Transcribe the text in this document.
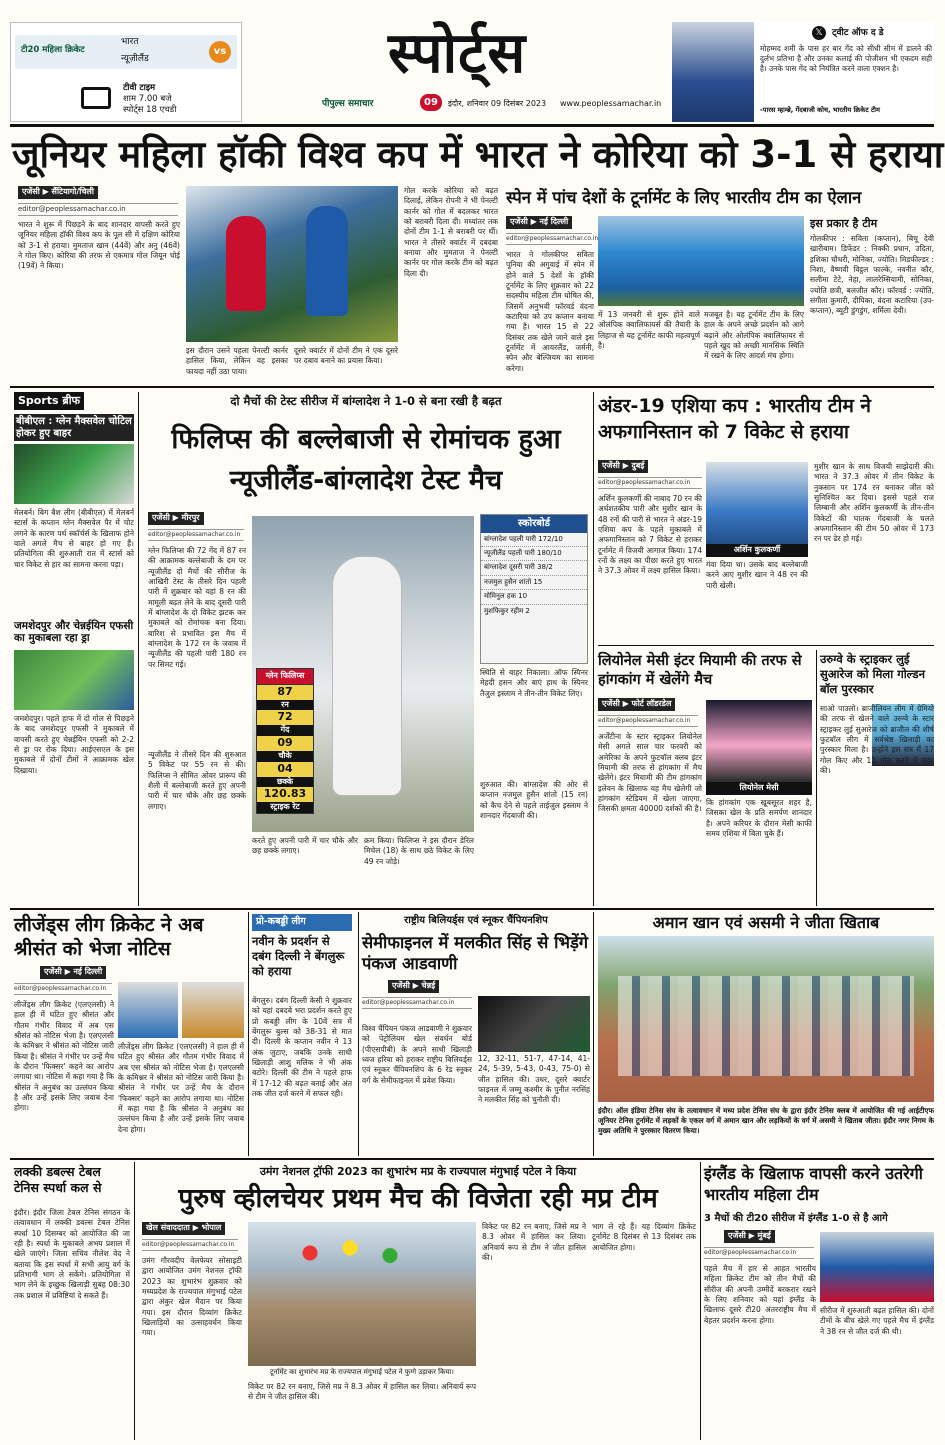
टी20 महिला क्रिकेट
भारत
न्यूज़ीलैंड
vs
टीवी टाइम
शाम 7.00 बजे
स्पोर्ट्स 18 एचडी
स्पोर्ट्स
पीपुल्स समाचार	09	इंदौर, शनिवार 09 दिसंबर 2023 www.peoplessamachar.in
𝕏	ट्वीट ऑफ द डे
मोहम्मद शमी के पास हर बार गेंद को सीधी सीम में डालने की दुर्लभ प्रतिभा है और उनका कलाई की पोजीशन भी एकदम सही है। उनके पास गेंद को नियंत्रित करने वाला एक्शन है।
-पारस म्हाम्ब्रे, गेंदबाजी कोच, भारतीय क्रिकेट टीम
जूनियर महिला हॉकी विश्व कप में भारत ने कोरिया को 3-1 से हराया
एजेंसी ▶ सैंटियागो/चिली
editor@peoplessamachar.co.in
भारत ने शुरू में पिछड़ने के बाद शानदार वापसी करते हुए जूनियर महिला हॉकी विश्व कप के पूल सी में दक्षिण कोरिया को 3-1 से हराया। मुमताज खान (44वें) और अनु (46वें) ने गोल किए। कोरिया की तरफ से एकमात्र गोल जियून चोई (19वें) ने किया।
इस दौरान उसने पहला पेनल्टी कार्नर हासिल किया, लेकिन वह इसका फायदा नहीं उठा पाया।
दूसरे क्वार्टर में दोनों टीम ने एक दूसरे पर दबाव बनाने का प्रयास किया।
गोल करके कोरिया को बढ़त दिलाई, लेकिन रोपनी ने भी पेनल्टी कार्नर को गोल में बदलकर भारत को बराबरी दिला दी। मध्यांतर तक दोनों टीम 1-1 से बराबरी पर थीं। भारत ने तीसरे क्वार्टर में दबदबा बनाया और मुमताज ने पेनल्टी कार्नर पर गोल करके टीम को बढ़त दिला दी।
स्पेन में पांच देशों के टूर्नामेंट के लिए भारतीय टीम का ऐलान
एजेंसी ▶ नई दिल्ली
editor@peoplessamachar.co.in
भारत ने गोलकीपर सविता पूनिया की अगुवाई में स्पेन में होने वाले 5 देशों के हॉकी टूर्नामेंट के लिए शुक्रवार को 22 सदस्यीय महिला टीम घोषित की, जिसमें अनुभवी फॉरवर्ड वंदना कटारिया को उप कप्तान बनाया गया है। भारत 15 से 22 दिसंबर तक खेले जाने वाले इस टूर्नामेंट में आयरलैंड, जर्मनी, स्पेन और बेल्जियम का सामना करेगा।
में 13 जनवरी से शुरू होने वाले ओलंपिक क्वालिफायर्स की तैयारी के लिहाज से यह टूर्नामेंट काफी महत्वपूर्ण है।
मजबूत है। यह टूर्नामेंट टीम के लिए हाल के अपने अच्छे प्रदर्शन को आगे बढ़ाने और ओलंपिक क्वालिफायर से पहले खुद को अच्छी मानसिक स्थिति में रखने के लिए आदर्श मंच होगा।
इस प्रकार है टीम
गोलकीपर : सविता (कप्तान), बिचू देवी खारीबाम। डिफेंडर : निक्की प्रधान, उदिता, इशिका चौधरी, मोनिका, ज्योति। मिडफील्डर : निशा, वैष्णवी विट्ठल फाल्के, नवनीत कौर, सलीमा टेटे, नेहा, लालरेम्सियामी, सोनिका, ज्योति छत्री, बलजीत कौर। फॉरवर्ड : ज्योति, संगीता कुमारी, दीपिका, वंदना कटारिया (उप-कप्तान), ब्यूटी डुंगडुंग, शर्मिला देवी।
Sports ब्रीफ
बीबीएल : ग्लेन मैक्सवेल चोटिल होकर हुए बाहर
मेलबर्न। बिग बैश लीग (बीबीएल) में मेलबर्न स्टार्स के कप्तान ग्लेन मैक्सवेल पैर में चोट लगने के कारण पर्थ स्कॉर्चर्स के खिलाफ होने वाले अगले मैच से बाहर हो गए हैं। प्रतियोगिता की शुरुआती रात में स्टार्स को चार विकेट से हार का सामना करना पड़ा।
जमशेदपुर और चेन्नईयिन एफसी का मुकाबला रहा ड्रा
जमशेदपुर। पहले हाफ में दो गोल से पिछड़ने के बाद जमशेदपुर एफसी ने मुकाबले में वापसी करते हुए चेन्नईयिन एफसी को 2-2 से ड्रा पर रोक दिया। आईएसएल के इस मुकाबले में दोनों टीमों ने आक्रामक खेल दिखाया।
दो मैचों की टेस्ट सीरीज में बांग्लादेश ने 1-0 से बना रखी है बढ़त
फिलिप्स की बल्लेबाजी से रोमांचक हुआ न्यूजीलैंड-बांग्लादेश टेस्ट मैच
एजेंसी ▶ मीरपुर
editor@peoplessamachar.co.in
ग्लेन फिलिप्स की 72 गेंद में 87 रन की आक्रामक बल्लेबाजी के दम पर न्यूजीलैंड दो मैचों की सीरीज के आखिरी टेस्ट के तीसरे दिन पहली पारी में शुक्रवार को यहां 8 रन की मामूली बढ़त लेने के बाद दूसरी पारी में बांग्लादेश के दो विकेट झटक कर मुकाबले को रोमांचक बना दिया। बारिश से प्रभावित इस मैच में बांग्लादेश के 172 रन के जवाब में न्यूजीलैंड की पहली पारी 180 रन पर सिमट गई।
न्यूजीलैंड ने तीसरे दिन की शुरुआत 5 विकेट पर 55 रन से की। फिलिप्स ने सीमित ओवर प्रारूप की शैली में बल्लेबाजी करते हुए अपनी पारी में चार चौके और छह छक्के लगाए।
ग्लेन फिलिप्स
87
रन
72
गेंद
09
चौके
04
छक्के
120.83
स्ट्राइक रेट
करते हुए अपनी पारी में चार चौके और छह छक्के लगाए।
क्रम किया। फिलिप्स ने इस दौरान डेरिल मिचेल (18) के साथ छठे विकेट के लिए 49 रन जोड़े।
स्कोरबोर्ड
बांग्लादेश पहली पारी 172/10
न्यूजीलैंड पहली पारी 180/10
बांग्लादेश दूसरी पारी 38/2
नजमुल हुसैन शांतो 15
मोमिनुल हक 10
मुशफिकुर रहीम 2
स्थिति से बाहर निकाला। ऑफ स्पिनर मेहदी हसन और बाएं हाथ के स्पिनर तैजुल इस्लाम ने तीन-तीन विकेट लिए।
शुरुआत की। बांग्लादेश की ओर से कप्तान नजमुल हुसैन शांतो (15 रन) को कैच देने से पहले ताईजुल इस्लाम ने शानदार गेंदबाजी की।
अंडर-19 एशिया कप : भारतीय टीम ने अफगानिस्तान को 7 विकेट से हराया
एजेंसी ▶ दुबई
editor@peoplessamachar.co.in
अर्शिन कुलकर्णी की नाबाद 70 रन की अर्धशतकीय पारी और मुशीर खान के 48 रनों की पारी से भारत ने अंडर-19 एशिया कप के पहले मुकाबले में अफगानिस्तान को 7 विकेट से हराकर टूर्नामेंट में विजयी आगाज किया। 174 रनों के लक्ष्य का पीछा करते हुए भारत ने 37.3 ओवर में लक्ष्य हासिल किया।
अर्शिन कुलकर्णी
गंवा दिया था। उसके बाद बल्लेबाजी करने आए मुशीर खान ने 48 रन की पारी खेली।
मुशीर खान के साथ विजयी साझेदारी की। भारत ने 37.3 ओवर में तीन विकेट के नुकसान पर 174 रन बनाकर जीत को सुनिश्चित कर दिया। इससे पहले राज लिम्बानी और अर्शिन कुलकर्णी के तीन-तीन विकेटों की घातक गेंदबाजी के चलते अफगानिस्तान की टीम 50 ओवर में 173 रन पर ढेर हो गई।
लियोनेल मेसी इंटर मियामी की तरफ से हांगकांग में खेलेंगे मैच
एजेंसी ▶ फोर्ट लॉडरडेल
editor@peoplessamachar.co.in
अर्जेंटीना के स्टार स्ट्राइकर लियोनेल मेसी अगले साल चार फरवरी को अमेरिका के अपने फुटबॉल क्लब इंटर मियामी की तरफ से हांगकांग में मैच खेलेंगे। इंटर मियामी की टीम हांगकांग इलेवन के खिलाफ यह मैच खेलेगी जो हांगकांग स्टेडियम में खेला जाएगा, जिसकी क्षमता 40000 दर्शकों की है।
लियोनेल मेसी
कि हांगकांग एक खूबसूरत शहर है, जिसका खेल के प्रति समर्पण शानदार है। अपने करियर के दौरान मेसी काफी समय एशिया में बिता चुके हैं।
उरुग्वे के स्ट्राइकर लुई सुआरेज को मिला गोल्डन बॉल पुरस्कार
साओ पाउलो। ब्राजीलियन लीग में ग्रेमियो की तरफ से खेलने वाले उरुग्वे के स्टार स्ट्राइकर लुई सुआरेज को ब्राजील की शीर्ष फुटबॉल लीग में सर्वश्रेष्ठ खिलाड़ी का पुरस्कार मिला है। उन्होंने इस सत्र में 17 गोल किए और 11 गोल करने में मदद की।
लीजेंड्स लीग क्रिकेट ने अब श्रीसंत को भेजा नोटिस
एजेंसी ▶ नई दिल्ली
editor@peoplessamachar.co.in
लीजेंड्स लीग क्रिकेट (एलएलसी) ने हाल ही में घटित हुए श्रीसंत और गौतम गंभीर विवाद में अब एस श्रीसंत को नोटिस भेजा है। एलएलसी के कमिश्नर ने श्रीसंत को नोटिस जारी किया है। श्रीसंत ने गंभीर पर उन्हें मैच के दौरान 'फिक्सर' कहने का आरोप लगाया था। नोटिस में कहा गया है कि श्रीसंत ने अनुबंध का उल्लंघन किया है और उन्हें इसके लिए जवाब देना होगा।
लीजेंड्स लीग क्रिकेट (एलएलसी) ने हाल ही में घटित हुए श्रीसंत और गौतम गंभीर विवाद में अब एस श्रीसंत को नोटिस भेजा है। एलएलसी के कमिश्नर ने श्रीसंत को नोटिस जारी किया है। श्रीसंत ने गंभीर पर उन्हें मैच के दौरान 'फिक्सर' कहने का आरोप लगाया था। नोटिस में कहा गया है कि श्रीसंत ने अनुबंध का उल्लंघन किया है और उन्हें इसके लिए जवाब देना होगा।
प्रो-कबड्डी लीग
नवीन के प्रदर्शन से दबंग दिल्ली ने बेंगलुरू को हराया
बेंगलुरु। दबंग दिल्ली केसी ने शुक्रवार को यहां दबदबे भरा प्रदर्शन करते हुए प्रो कबड्डी लीग के 10वें सत्र में बेंगलुरू बुल्स को 38-31 से मात दी। दिल्ली के कप्तान नवीन ने 13 अंक जुटाए, जबकि उनके साथी खिलाड़ी आशु मलिक ने भी अंक बटोरे। दिल्ली की टीम ने पहले हाफ में 17-12 की बढ़त बनाई और अंत तक जीत दर्ज करने में सफल रही।
राष्ट्रीय बिलियर्ड्स एवं स्नूकर चैंपियनशिप
सेमीफाइनल में मलकीत सिंह से भिड़ेंगे पंकज आडवाणी
एजेंसी ▶ चेन्नई
editor@peoplessamachar.co.in
विश्व चैंपियन पंकज आडवाणी ने शुक्रवार को पेट्रोलियम खेल संवर्धन बोर्ड (पीएसपीबी) के अपने साथी खिलाड़ी ध्वज हरिया को हराकर राष्ट्रीय बिलियर्ड्स एवं स्नूकर चैंपियनशिप के 6 रेड स्नूकर वर्ग के सेमीफाइनल में प्रवेश किया।
12, 32-11, 51-7, 47-14, 41-24, 5-39, 5-43, 0-43, 75-0) से जीत हासिल की। उधर, दूसरे क्वार्टर फाइनल में जम्मू कश्मीर के पुनीत नरसिंह ने मलकीत सिंह को चुनौती दी।
अमान खान एवं असमी ने जीता खिताब
इंदौर। ऑल इंडिया टेनिस संघ के तत्वावधान में मध्य प्रदेश टेनिस संघ के द्वारा इंदौर टेनिस क्लब में आयोजित की गई आईटीएफ जूनियर टेनिस टूर्नामेंट में लड़कों के एकल वर्ग में अमान खान और लड़कियों के वर्ग में असमी ने खिताब जीता। इंदौर नगर निगम के मुख्य अतिथि ने पुरस्कार वितरण किया।
लक्की डबल्स टेबल टेनिस स्पर्धा कल से
इंदौर। इंदौर जिला टेबल टेनिस संगठन के तत्वावधान में लक्की डबल्स टेबल टेनिस स्पर्धा 10 दिसम्बर को आयोजित की जा रही है। स्पर्धा के मुकाबले अभय प्रशाल में खेले जाएंगे। जिला सचिव नीलेश वेद ने बताया कि इस स्पर्धा में सभी आयु वर्ग के प्रतिभागी भाग ले सकेंगे। प्रतियोगिता में भाग लेने के इच्छुक खिलाड़ी सुबह 08:30 तक प्रशाल में प्रविष्टियां दे सकते हैं।
उमंग नेशनल ट्रॉफी 2023 का शुभारंभ मप्र के राज्यपाल मंगुभाई पटेल ने किया
पुरुष व्हीलचेयर प्रथम मैच की विजेता रही मप्र टीम
खेल संवाददाता ▶ भोपाल
editor@peoplessamachar.co.in
उमंग गौरवदीप वेलफेयर सोसाइटी द्वारा आयोजित उमंग नेशनल ट्रॉफी 2023 का शुभारंभ शुक्रवार को मध्यप्रदेश के राज्यपाल मंगुभाई पटेल द्वारा अंकुर खेल मैदान पर किया गया। इस दौरान दिव्यांग क्रिकेट खिलाड़ियों का उत्साहवर्धन किया गया।
टूर्नामेंट का शुभारंभ मप्र के राज्यपाल मंगुभाई पटेल ने फुग्गे उड़ाकर किया।
विकेट पर 82 रन बनाए, जिसे मप्र ने 8.3 ओवर में हासिल कर लिया। अनिवार्य रूप से टीम ने जीत हासिल की।
विकेट पर 82 रन बनाए, जिसे मप्र ने 8.3 ओवर में हासिल कर लिया। अनिवार्य रूप से टीम ने जीत हासिल की।
भाग ले रहे हैं। यह दिव्यांग क्रिकेट टूर्नामेंट 8 दिसंबर से 13 दिसंबर तक आयोजित होगा।
इंग्लैंड के खिलाफ वापसी करने उतरेगी भारतीय महिला टीम
3 मैचों की टी20 सीरीज में इंग्लैंड 1-0 से है आगे
एजेंसी ▶ मुंबई
editor@peoplessamachar.co.in
पहले मैच में हार से आहत भारतीय महिला क्रिकेट टीम को तीन मैचों की सीरीज की अपनी उम्मीदें बरकरार रखने के लिए शनिवार को यहां इंग्लैंड के खिलाफ दूसरे टी20 अंतरराष्ट्रीय मैच में बेहतर प्रदर्शन करना होगा।
सीरीज में शुरुआती बढ़त हासिल की। दोनों टीमों के बीच खेले गए पहले मैच में इंग्लैंड ने 38 रन से जीत दर्ज की थी।
